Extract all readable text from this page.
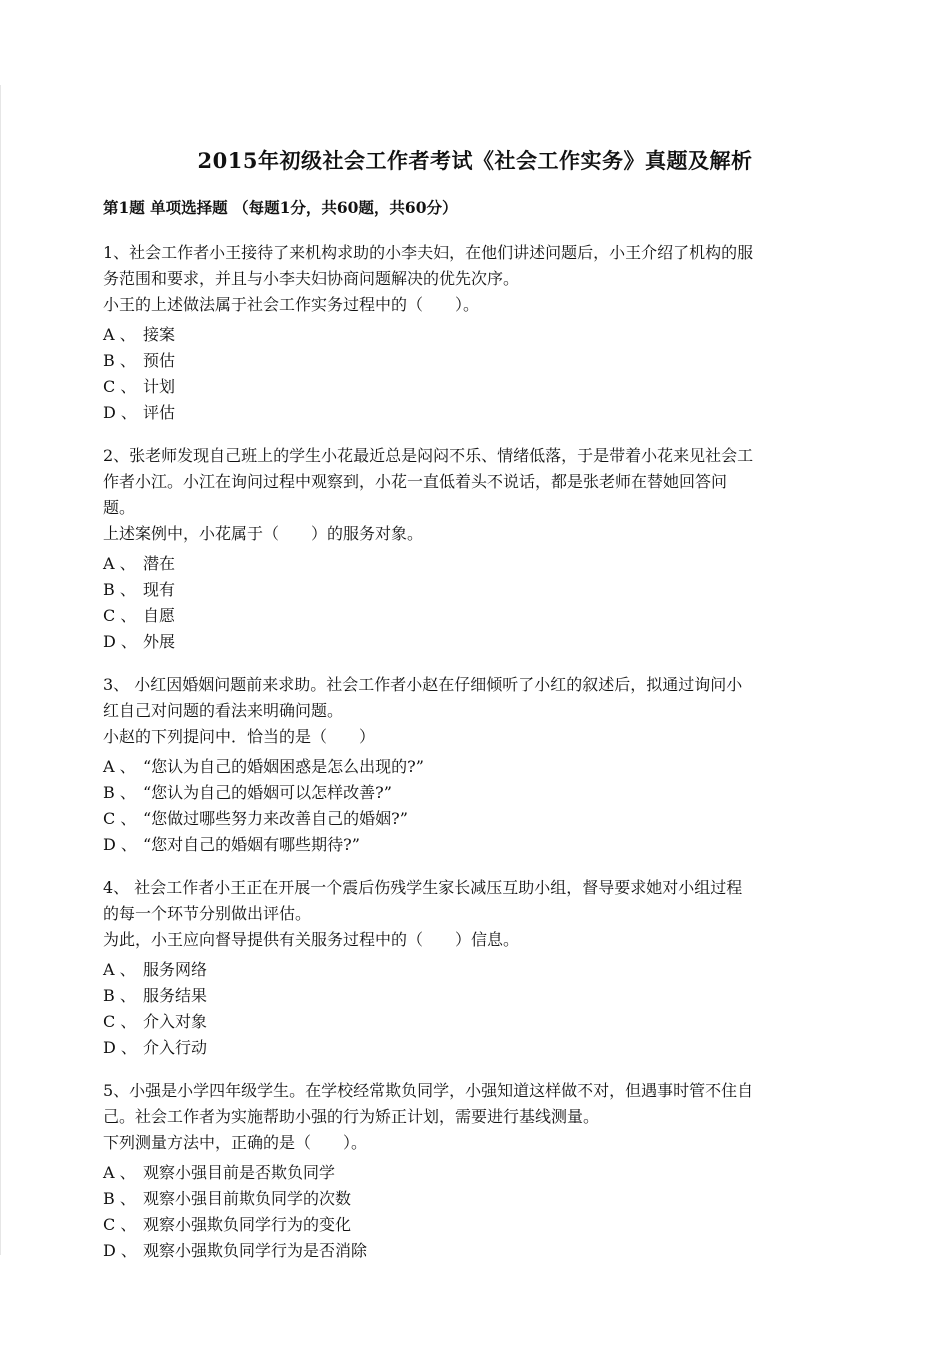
2015年初级社会工作者考试《社会工作实务》真题及解析
第1题 单项选择题 （每题1分，共60题，共60分）
1、社会工作者小王接待了来机构求助的小李夫妇，在他们讲述问题后，小王介绍了机构的服
务范围和要求，并且与小李夫妇协商问题解决的优先次序。
小王的上述做法属于社会工作实务过程中的（　　）。
A 、 接案
B 、 预估
C 、 计划
D 、 评估
2、张老师发现自己班上的学生小花最近总是闷闷不乐、情绪低落，于是带着小花来见社会工
作者小江。小江在询问过程中观察到，小花一直低着头不说话，都是张老师在替她回答问
题。
上述案例中，小花属于（　　）的服务对象。
A 、 潜在
B 、 现有
C 、 自愿
D 、 外展
3、 小红因婚姻问题前来求助。社会工作者小赵在仔细倾听了小红的叙述后，拟通过询问小
红自己对问题的看法来明确问题。
小赵的下列提问中．恰当的是（　　）
A 、 “您认为自己的婚姻困惑是怎么出现的?”
B 、 “您认为自己的婚姻可以怎样改善?”
C 、 “您做过哪些努力来改善自己的婚姻?”
D 、 “您对自己的婚姻有哪些期待?”
4、 社会工作者小王正在开展一个震后伤残学生家长减压互助小组，督导要求她对小组过程
的每一个环节分别做出评估。
为此，小王应向督导提供有关服务过程中的（　　）信息。
A 、 服务网络
B 、 服务结果
C 、 介入对象
D 、 介入行动
5、小强是小学四年级学生。在学校经常欺负同学，小强知道这样做不对，但遇事时管不住自
己。社会工作者为实施帮助小强的行为矫正计划，需要进行基线测量。
下列测量方法中，正确的是（　　）。
A 、 观察小强目前是否欺负同学
B 、 观察小强目前欺负同学的次数
C 、 观察小强欺负同学行为的变化
D 、 观察小强欺负同学行为是否消除
